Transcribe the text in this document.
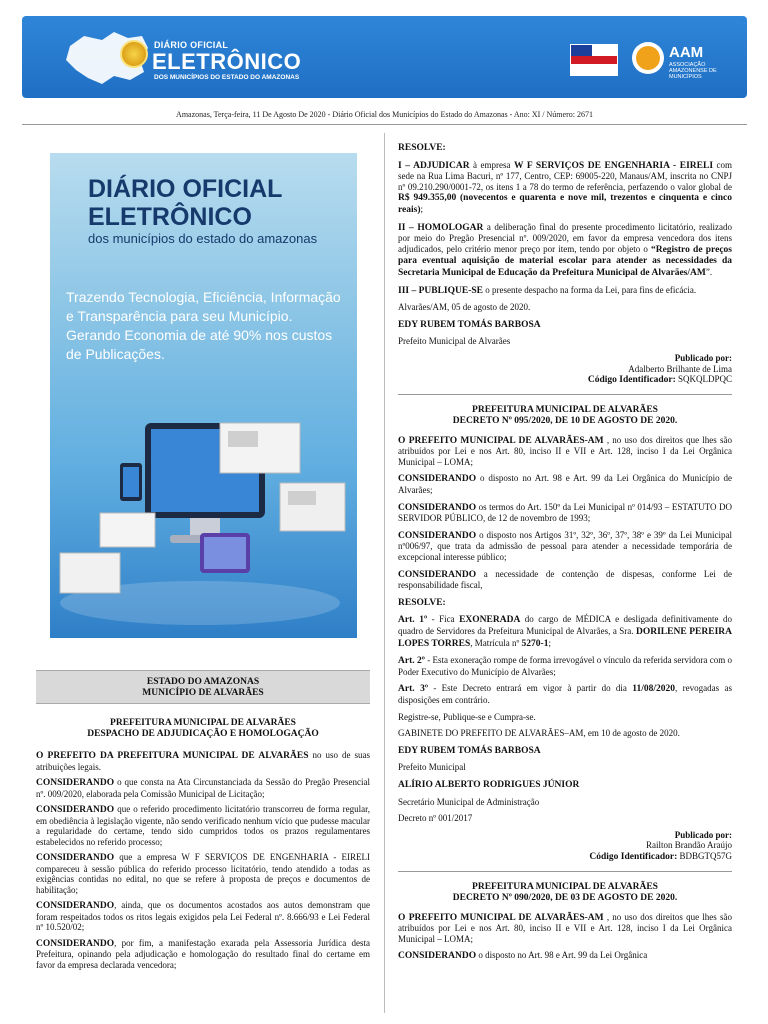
DIÁRIO OFICIAL
ELETRÔNICO
DOS MUNICÍPIOS DO ESTADO DO AMAZONAS
AAM
ASSOCIAÇÃO AMAZONENSE DE MUNICÍPIOS
Amazonas, Terça-feira, 11 De Agosto De 2020 - Diário Oficial dos Municípios do Estado do Amazonas - Ano: XI / Número: 2671
DIÁRIO OFICIAL
ELETRÔNICO
dos municípios do estado do amazonas
Trazendo Tecnologia, Eficiência, Informação e Transparência para seu Município. Gerando Economia de até 90% nos custos de Publicações.
ESTADO DO AMAZONAS
MUNICÍPIO DE ALVARÃES
PREFEITURA MUNICIPAL DE ALVARÃES
DESPACHO DE ADJUDICAÇÃO E HOMOLOGAÇÃO

O PREFEITO DA PREFEITURA MUNICIPAL DE ALVARÃES no uso de suas atribuições legais.

CONSIDERANDO o que consta na Ata Circunstanciada da Sessão do Pregão Presencial nº. 009/2020, elaborada pela Comissão Municipal de Licitação;

CONSIDERANDO que o referido procedimento licitatório transcorreu de forma regular, em obediência à legislação vigente, não sendo verificado nenhum vício que pudesse macular a regularidade do certame, tendo sido cumpridos todos os prazos regulamentares estabelecidos no referido processo;

CONSIDERANDO que a empresa W F SERVIÇOS DE ENGENHARIA - EIRELI compareceu à sessão pública do referido processo licitatório, tendo atendido a todas as exigências contidas no edital, no que se refere à proposta de preços e documentos de habilitação;

CONSIDERANDO, ainda, que os documentos acostados aos autos demonstram que foram respeitados todos os ritos legais exigidos pela Lei Federal nº. 8.666/93 e Lei Federal nº 10.520/02;

CONSIDERANDO, por fim, a manifestação exarada pela Assessoria Jurídica desta Prefeitura, opinando pela adjudicação e homologação do resultado final do certame em favor da empresa declarada vencedora;

RESOLVE:

I – ADJUDICAR à empresa W F SERVIÇOS DE ENGENHARIA - EIRELI com sede na Rua Lima Bacuri, nº 177, Centro, CEP: 69005-220, Manaus/AM, inscrita no CNPJ nº 09.210.290/0001-72, os itens 1 a 78 do termo de referência, perfazendo o valor global de R$ 949.355,00 (novecentos e quarenta e nove mil, trezentos e cinquenta e cinco reais);

II – HOMOLOGAR a deliberação final do presente procedimento licitatório, realizado por meio do Pregão Presencial nº. 009/2020, em favor da empresa vencedora dos itens adjudicados, pelo critério menor preço por item, tendo por objeto o “Registro de preços para eventual aquisição de material escolar para atender as necessidades da Secretaria Municipal de Educação da Prefeitura Municipal de Alvarães/AM”.

III – PUBLIQUE-SE o presente despacho na forma da Lei, para fins de eficácia.

Alvarães/AM, 05 de agosto de 2020.

EDY RUBEM TOMÁS BARBOSA

Prefeito Municipal de Alvarães

Publicado por:
Adalberto Brilhante de Lima
Código Identificador: SQKQLDPQC
PREFEITURA MUNICIPAL DE ALVARÃES
DECRETO Nº 095/2020, DE 10 DE AGOSTO DE 2020.

O PREFEITO MUNICIPAL DE ALVARÃES-AM , no uso dos direitos que lhes são atribuídos por Lei e nos Art. 80, inciso II e VII e Art. 128, inciso I da Lei Orgânica Municipal – LOMA;

CONSIDERANDO o disposto no Art. 98 e Art. 99 da Lei Orgânica do Município de Alvarães;

CONSIDERANDO os termos do Art. 150º da Lei Municipal nº 014/93 – ESTATUTO DO SERVIDOR PÚBLICO, de 12 de novembro de 1993;

CONSIDERANDO o disposto nos Artigos 31º, 32º, 36º, 37º, 38º e 39º da Lei Municipal nº006/97, que trata da admissão de pessoal para atender a necessidade temporária de excepcional interesse público;

CONSIDERANDO a necessidade de contenção de dispesas, conforme Lei de responsabilidade fiscal,

RESOLVE:

Art. 1º - Fica EXONERADA do cargo de MÉDICA e desligada definitivamente do quadro de Servidores da Prefeitura Municipal de Alvarães, a Sra. DORILENE PEREIRA LOPES TORRES, Matrícula nº 5270-1;

Art. 2º - Esta exoneração rompe de forma irrevogável o vínculo da referida servidora com o Poder Executivo do Município de Alvarães;

Art. 3º - Este Decreto entrará em vigor à partir do dia 11/08/2020, revogadas as disposições em contrário.

Registre-se, Publique-se e Cumpra-se.

GABINETE DO PREFEITO DE ALVARÃES–AM, em 10 de agosto de 2020.

EDY RUBEM TOMÁS BARBOSA

Prefeito Municipal

ALÍRIO ALBERTO RODRIGUES JÚNIOR

Secretário Municipal de Administração

Decreto nº 001/2017

Publicado por:
Railton Brandão Araújo
Código Identificador: BDBGTQ57G
PREFEITURA MUNICIPAL DE ALVARÃES
DECRETO Nº 090/2020, DE 03 DE AGOSTO DE 2020.

O PREFEITO MUNICIPAL DE ALVARÃES-AM , no uso dos direitos que lhes são atribuídos por Lei e nos Art. 80, inciso II e VII e Art. 128, inciso I da Lei Orgânica Municipal – LOMA;

CONSIDERANDO o disposto no Art. 98 e Art. 99 da Lei Orgânica
